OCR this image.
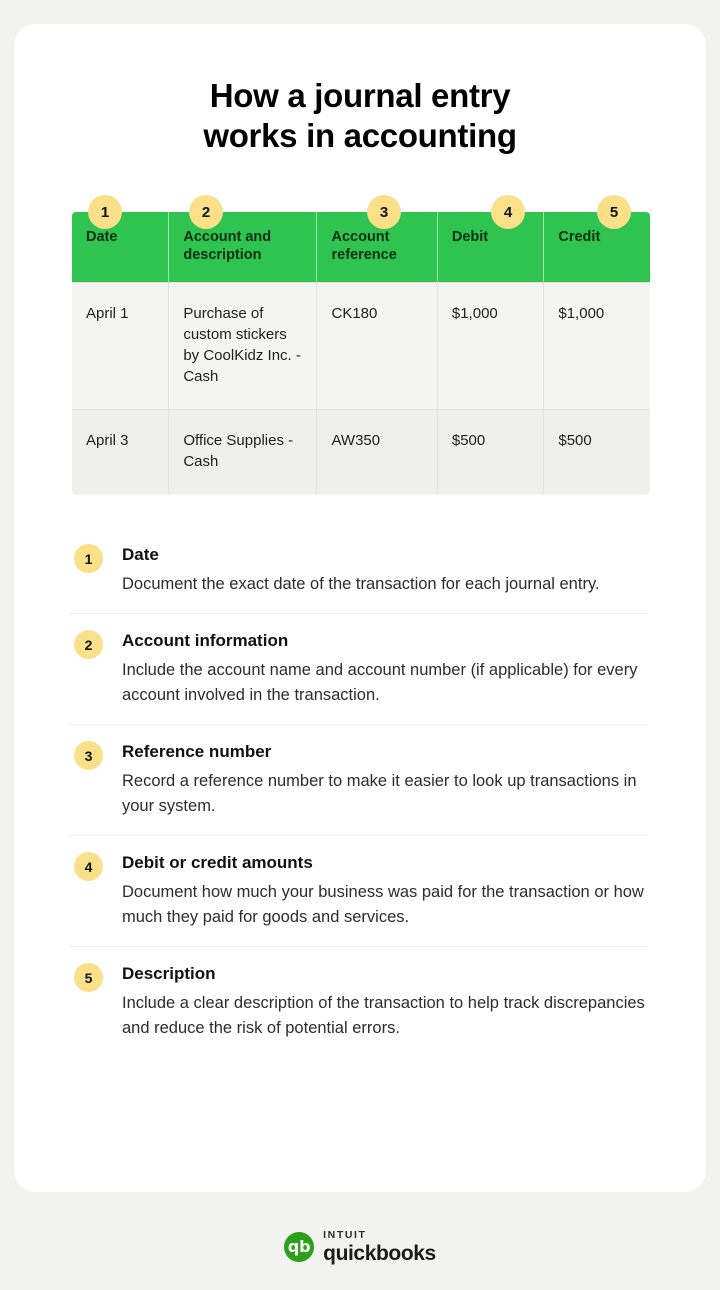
How a journal entry
works in accounting
1	2	3	4	5
Date	Account and description	Account reference	Debit	Credit
April 1	Purchase of custom stickers by CoolKidz Inc. - Cash	CK180	$1,000	$1,000
April 3	Office Supplies - Cash	AW350	$500	$500
1	Date

Document the exact date of the transaction for each journal entry.

2	Account information

Include the account name and account number (if applicable) for every account involved in the transaction.

3	Reference number

Record a reference number to make it easier to look up transactions in your system.

4	Debit or credit amounts

Document how much your business was paid for the transaction or how much they paid for goods and services.

5	Description

Include a clear description of the transaction to help track discrepancies and reduce the risk of potential errors.

qb
INTUIT
quickbooks
